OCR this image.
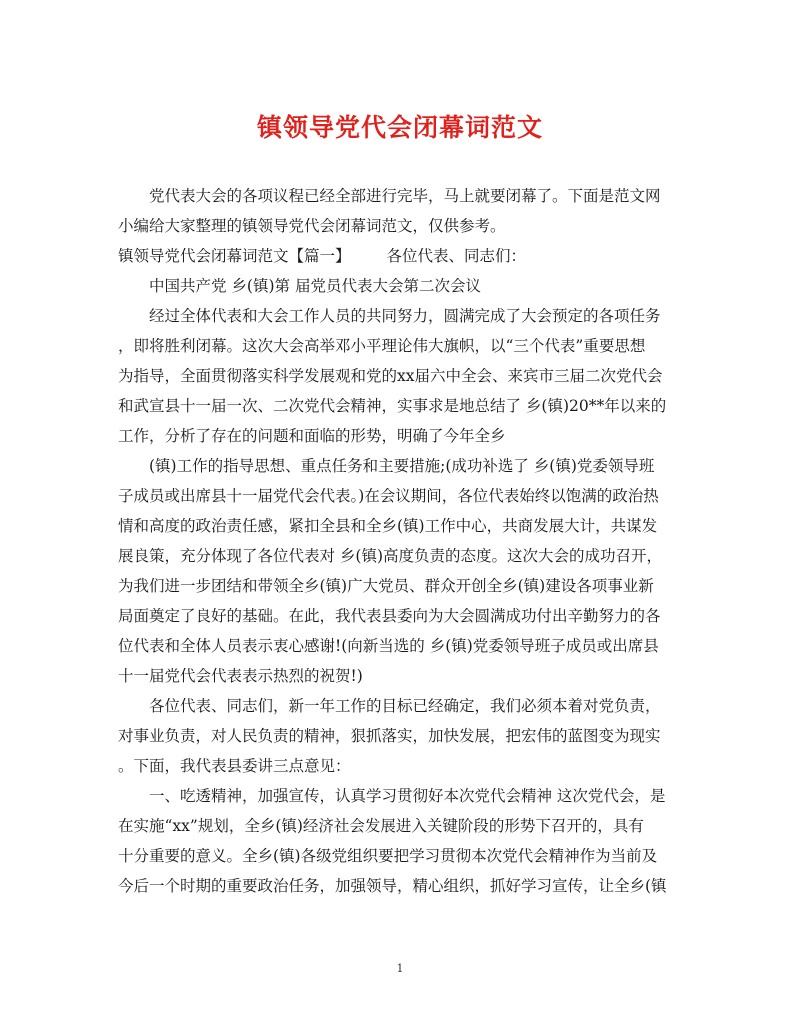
镇领导党代会闭幕词范文
党代表大会的各项议程已经全部进行完毕，马上就要闭幕了。下面是范文网
小编给大家整理的镇领导党代会闭幕词范文，仅供参考。
镇领导党代会闭幕词范文【篇一】 各位代表、同志们：
中国共产党 乡(镇)第 届党员代表大会第二次会议
经过全体代表和大会工作人员的共同努力，圆满完成了大会预定的各项任务
，即将胜利闭幕。这次大会高举邓小平理论伟大旗帜，以“三个代表”重要思想
为指导，全面贯彻落实科学发展观和党的xx届六中全会、来宾市三届二次党代会
和武宣县十一届一次、二次党代会精神，实事求是地总结了 乡(镇)20**年以来的
工作，分析了存在的问题和面临的形势，明确了今年全乡
(镇)工作的指导思想、重点任务和主要措施;(成功补选了 乡(镇)党委领导班
子成员或出席县十一届党代会代表。)在会议期间，各位代表始终以饱满的政治热
情和高度的政治责任感，紧扣全县和全乡(镇)工作中心，共商发展大计，共谋发
展良策，充分体现了各位代表对 乡(镇)高度负责的态度。这次大会的成功召开，
为我们进一步团结和带领全乡(镇)广大党员、群众开创全乡(镇)建设各项事业新
局面奠定了良好的基础。在此，我代表县委向为大会圆满成功付出辛勤努力的各
位代表和全体人员表示衷心感谢!(向新当选的 乡(镇)党委领导班子成员或出席县
十一届党代会代表表示热烈的祝贺!)
各位代表、同志们，新一年工作的目标已经确定，我们必须本着对党负责，
对事业负责，对人民负责的精神，狠抓落实，加快发展，把宏伟的蓝图变为现实
。下面，我代表县委讲三点意见：
一、吃透精神，加强宣传，认真学习贯彻好本次党代会精神 这次党代会，是
在实施“xx”规划，全乡(镇)经济社会发展进入关键阶段的形势下召开的，具有
十分重要的意义。全乡(镇)各级党组织要把学习贯彻本次党代会精神作为当前及
今后一个时期的重要政治任务，加强领导，精心组织，抓好学习宣传，让全乡(镇
1
